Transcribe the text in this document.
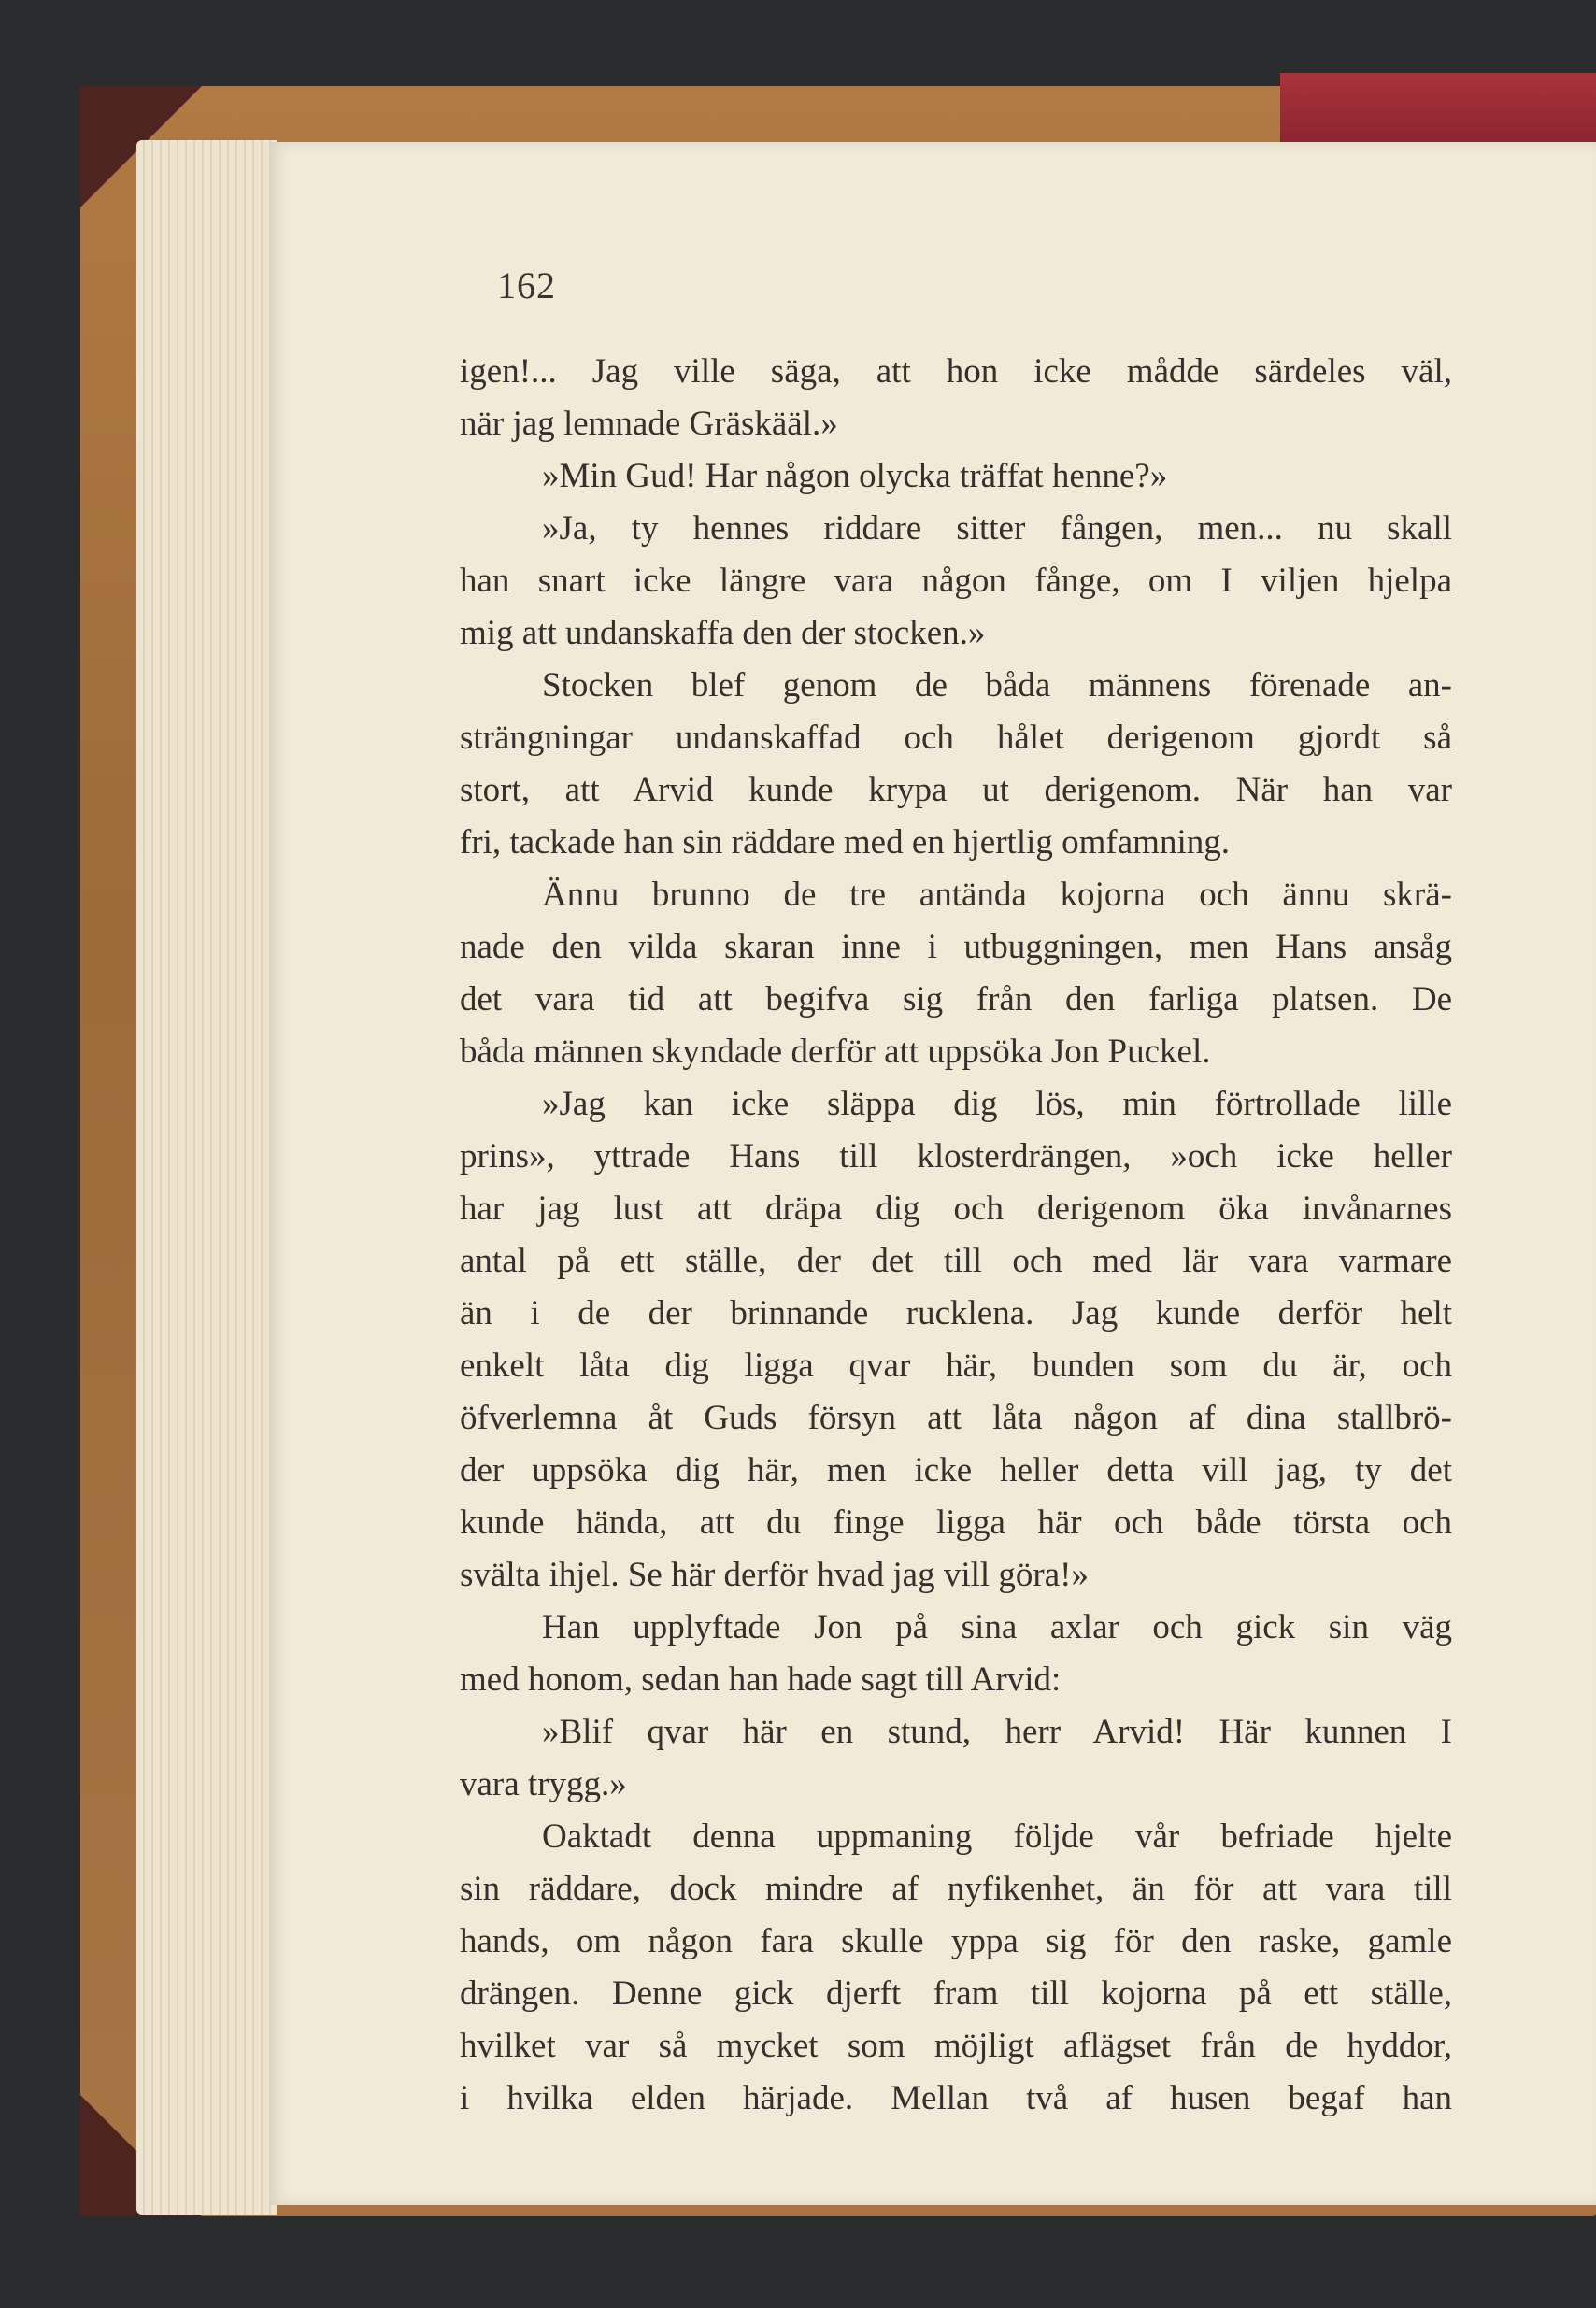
162
igen!... Jag ville säga, att hon icke mådde särdeles väl,
när jag lemnade Gräskääl.»
»Min Gud! Har någon olycka träffat henne?»
»Ja, ty hennes riddare sitter fången, men... nu skall
han snart icke längre vara någon fånge, om I viljen hjelpa
mig att undanskaffa den der stocken.»
Stocken blef genom de båda männens förenade an-
strängningar undanskaffad och hålet derigenom gjordt så
stort, att Arvid kunde krypa ut derigenom. När han var
fri, tackade han sin räddare med en hjertlig omfamning.
Ännu brunno de tre antända kojorna och ännu skrä-
nade den vilda skaran inne i utbuggningen, men Hans ansåg
det vara tid att begifva sig från den farliga platsen. De
båda männen skyndade derför att uppsöka Jon Puckel.
»Jag kan icke släppa dig lös, min förtrollade lille
prins», yttrade Hans till klosterdrängen, »och icke heller
har jag lust att dräpa dig och derigenom öka invånarnes
antal på ett ställe, der det till och med lär vara varmare
än i de der brinnande rucklena. Jag kunde derför helt
enkelt låta dig ligga qvar här, bunden som du är, och
öfverlemna åt Guds försyn att låta någon af dina stallbrö-
der uppsöka dig här, men icke heller detta vill jag, ty det
kunde hända, att du finge ligga här och både törsta och
svälta ihjel. Se här derför hvad jag vill göra!»
Han upplyftade Jon på sina axlar och gick sin väg
med honom, sedan han hade sagt till Arvid:
»Blif qvar här en stund, herr Arvid! Här kunnen I
vara trygg.»
Oaktadt denna uppmaning följde vår befriade hjelte
sin räddare, dock mindre af nyfikenhet, än för att vara till
hands, om någon fara skulle yppa sig för den raske, gamle
drängen. Denne gick djerft fram till kojorna på ett ställe,
hvilket var så mycket som möjligt aflägset från de hyddor,
i hvilka elden härjade. Mellan två af husen begaf han
